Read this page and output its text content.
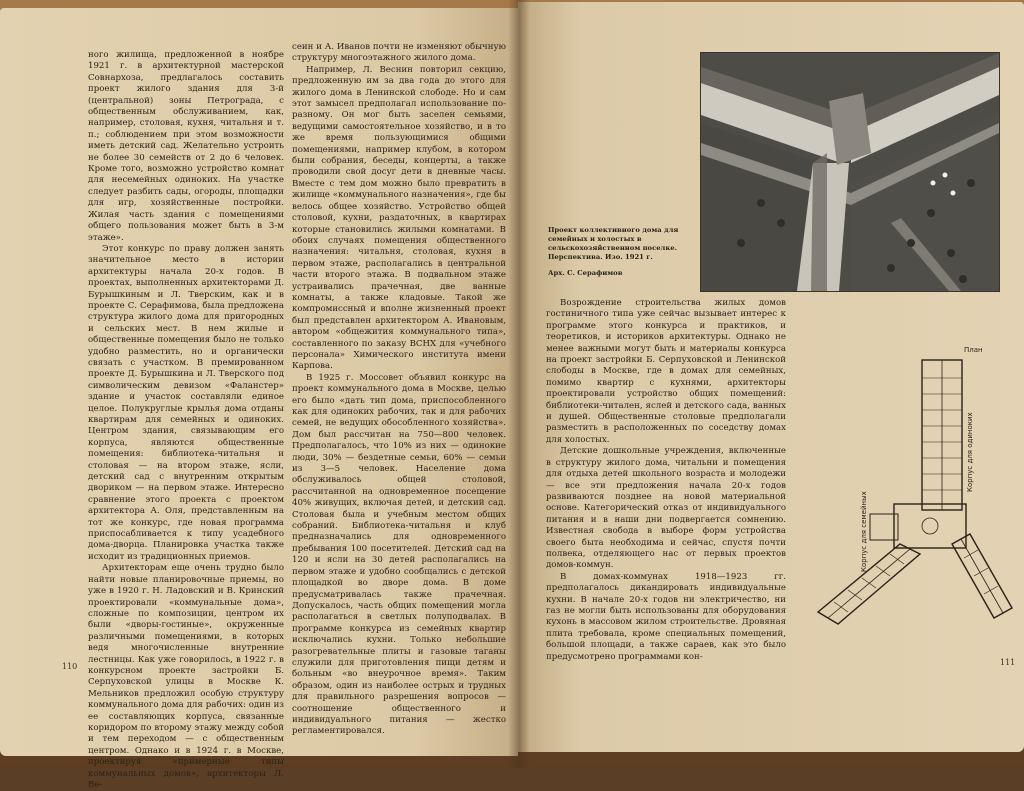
ного жилища, предложенной в ноябре 1921 г. в архитектурной мастерской Совнархоза, предлагалось составить проект жилого здания для 3-й (центральной) зоны Петрограда, с общественным обслуживанием, как, например, столовая, кухня, читальня и т. п.; соблюдением при этом возможности иметь детский сад. Желательно устроить не более 30 семейств от 2 до 6 человек. Кроме того, возможно устройство комнат для несемейных одиноких. На участке следует разбить сады, огороды, площадки для игр, хозяйственные постройки. Жилая часть здания с помещениями общего пользования может быть в 3-м этаже».

Этот конкурс по праву должен занять значительное место в истории архитектуры начала 20-х годов. В проектах, выполненных архитекторами Д. Бурышкиным и Л. Тверским, как и в проекте С. Серафимова, была предложена структура жилого дома для пригородных и сельских мест. В нем жилые и общественные помещения было не только удобно разместить, но и органически связать с участком. В премированном проекте Д. Бурышкина и Л. Тверского под символическим девизом «Фаланстер» здание и участок составляли единое целое. Полукруглые крылья дома отданы квартирам для семейных и одиноких. Центром здания, связывающим его корпуса, являются общественные помещения: библиотека-читальня и столовая — на втором этаже, ясли, детский сад с внутренним открытым двориком — на первом этаже. Интересно сравнение этого проекта с проектом архитектора А. Оля, представленным на тот же конкурс, где новая программа приспосабливается к типу усадебного дома-дворца. Планировка участка также исходит из традиционных приемов.

Архитекторам еще очень трудно было найти новые планировочные приемы, но уже в 1920 г. Н. Ладовский и В. Кринский проектировали «коммунальные дома», сложные по композиции, центром их были «дворы-гостиные», окруженные различными помещениями, в которых ведя многочисленные внутренние лестницы. Как уже говорилось, в 1922 г. в конкурсном проекте застройки Б. Серпуховской улицы в Москве К. Мельников предложил особую структуру коммунального дома для рабочих: один из ее составляющих корпуса, связанные коридором по второму этажу между собой и тем переходом — с общественным центром. Однако и в 1924 г. в Москве, проектируя «примерные типы коммунальных домов», архитекторы Л. Ве-

сеин и А. Иванов почти не изменяют обычную структуру многоэтажного жилого дома.

Например, Л. Веснин повторил секцию, предложенную им за два года до этого для жилого дома в Ленинской слободе. Но и сам этот замысел предполагал использование по-разному. Он мог быть заселен семьями, ведущими самостоятельное хозяйство, и в то же время пользующимися общими помещениями, например клубом, в котором были собрания, беседы, концерты, а также проводили свой досуг дети в дневные часы. Вместе с тем дом можно было превратить в жилище «коммунального назначения», где бы велось общее хозяйство. Устройство общей столовой, кухни, раздаточных, в квартирах которые становились жилыми комнатами. В обоих случаях помещения общественного назначения: читальня, столовая, кухня в первом этаже, располагались в центральной части второго этажа. В подвальном этаже устраивались прачечная, две ванные комнаты, а также кладовые. Такой же компромиссный и вполне жизненный проект был представлен архитектором А. Ивановым, автором «общежития коммунального типа», составленного по заказу ВСНХ для «учебного персонала» Химического института имени Карпова.

В 1925 г. Моссовет объявил конкурс на проект коммунального дома в Москве, целью его было «дать тип дома, приспособленного как для одиноких рабочих, так и для рабочих семей, не ведущих обособленного хозяйства». Дом был рассчитан на 750—800 человек. Предполагалось, что 10% из них — одинокие люди, 30% — бездетные семьи, 60% — семьи из 3—5 человек. Население дома обслуживалось общей столовой, рассчитанной на одновременное посещение 40% живущих, включая детей, и детский сад. Столовая была и учебным местом общих собраний. Библиотека-читальня и клуб предназначались для одновременного пребывания 100 посетителей. Детский сад на 120 и ясли на 30 детей располагались на первом этаже и удобно сообщались с детской площадкой во дворе дома. В доме предусматривалась также прачечная. Допускалось, часть общих помещений могла располагаться в светлых полуподвалах. В программе конкурса из семейных квартир исключались кухни. Только небольшие разогревательные плиты и газовые таганы служили для приготовления пищи детям и больным «во внеурочное время». Таким образом, один из наиболее острых и трудных для правильного разрешения вопросов — соотношение общественного и индивидуального питания — жестко регламентировался.

110
Проект коллективного дома для семейных и холостых в сельскохозяйственном поселке. Перспектива. Изо. 1921 г.
Арх. С. Серафимов

Возрождение строительства жилых домов гостиничного типа уже сейчас вызывает интерес к программе этого конкурса и практиков, и теоретиков, и историков архитектуры. Однако не менее важными могут быть и материалы конкурса на проект застройки Б. Серпуховской и Ленинской слободы в Москве, где в домах для семейных, помимо квартир с кухнями, архитекторы проектировали устройство общих помещений: библиотеки-читален, яслей и детского сада, ванных и душей. Общественные столовые предполагали разместить в расположенных по соседству домах для холостых.

Детские дошкольные учреждения, включенные в структуру жилого дома, читальни и помещения для отдыха детей школьного возраста и молодежи — все эти предложения начала 20-х годов развиваются позднее на новой материальной основе. Категорический отказ от индивидуального питания и в наши дни подвергается сомнению. Известная свобода в выборе форм устройства своего быта необходима и сейчас, спустя почти полвека, отделяющего нас от первых проектов домов-коммун.

В домах-коммунах 1918—1923 гг. предполагалось дикандировать индивидуальные кухни. В начале 20-х годов ни электричество, ни газ не могли быть использованы для оборудования кухонь в массовом жилом строительстве. Дровяная плита требовала, кроме специальных помещений, большой площади, а также сараев, как это было предусмотрено программами кон-

План
Корпус для одиноких
Корпус для семейных
111
